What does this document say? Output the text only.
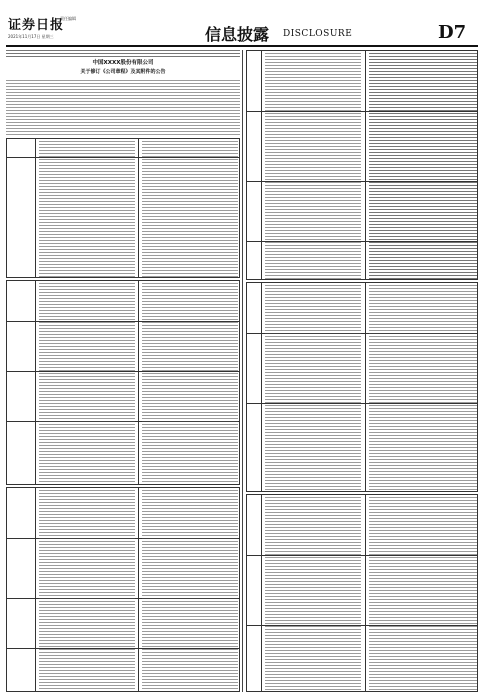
证券日报
责任编辑
2021年11月17日 星期三	信息披露 DISCLOSURE	D7
中国XXXX股份有限公司
关于修订《公司章程》及其附件的公告
